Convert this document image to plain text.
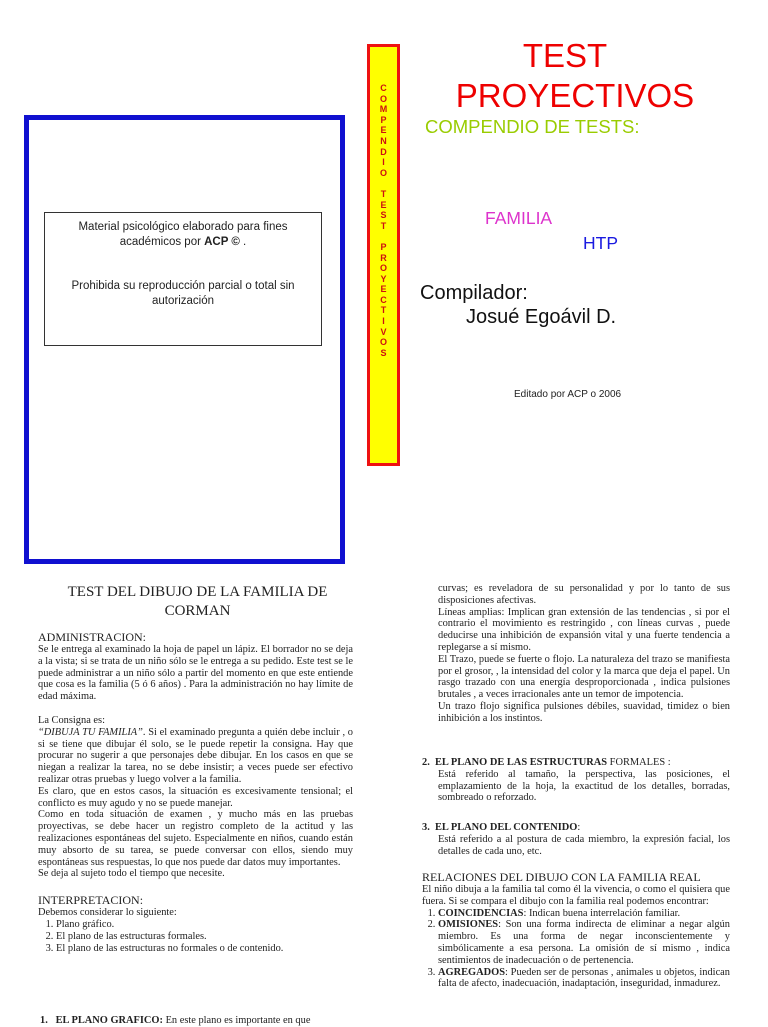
Material psicológico elaborado para fines
académicos por ACP © .
Prohibida su reproducción parcial o total sin autorización
C
O
M
P
E
N
D
I
O

T
E
S
T

P
R
O
Y
E
C
T
I
V
O
S
TEST
PROYECTIVOS
COMPENDIO DE TESTS:
FAMILIA
HTP
Compilador:
Josué Egoávil D.
Editado por ACP o 2006
TEST DEL DIBUJO DE LA FAMILIA DE CORMAN
ADMINISTRACION:
Se le entrega al examinado la hoja de papel un lápiz. El borrador no se deja a la vista; si se trata de un niño sólo se le entrega a su pedido. Este test se le puede administrar a un niño sólo a partir del momento en que este entiende que cosa es la familia (5 ó 6 años) . Para la administración no hay límite de edad máxima.
La Consigna es:
“DIBUJA TU FAMILIA”. Si el examinado pregunta a quién debe incluir , o si se tiene que dibujar él solo, se le puede repetir la consigna. Hay que procurar no sugerir a que personajes debe dibujar. En los casos en que se niegan a realizar la tarea, no se debe insistir; a veces puede ser efectivo realizar otras pruebas y luego volver a la familia.
Es claro, que en estos casos, la situación es excesivamente tensional; el conflicto es muy agudo y no se puede manejar.
Como en toda situación de examen , y mucho más en las pruebas proyectivas, se debe hacer un registro completo de la actitud y las realizaciones espontáneas del sujeto. Especialmente en niños, cuando están muy absorto de su tarea, se puede conversar con ellos, siendo muy espontáneas sus respuestas, lo que nos puede dar datos muy importantes.
Se deja al sujeto todo el tiempo que necesite.
INTERPRETACION:
Debemos considerar lo siguiente:
1. Plano gráfico.
2. El plano de las estructuras formales.
3. El plano de las estructuras no formales o de contenido.
1. EL PLANO GRAFICO: En este plano es importante en que
curvas; es reveladora de su personalidad y por lo tanto de sus disposiciones afectivas.
Líneas amplias: Implican gran extensión de las tendencias , si por el contrario el movimiento es restringido , con líneas curvas , puede deducirse una inhibición de expansión vital y una fuerte tendencia a replegarse a sí mismo.
El Trazo, puede se fuerte o flojo. La naturaleza del trazo se manifiesta por el grosor, , la intensidad del color y la marca que deja el papel. Un rasgo trazado con una energía desproporcionada , indica pulsiones brutales , a veces irracionales ante un temor de impotencia.
Un trazo flojo significa pulsiones débiles, suavidad, timidez o bien inhibición a los instintos.
2. EL PLANO DE LAS ESTRUCTURAS FORMALES :
Está referido al tamaño, la perspectiva, las posiciones, el emplazamiento de la hoja, la exactitud de los detalles, borradas, sombreado o reforzado.
3. EL PLANO DEL CONTENIDO:
Está referido a al postura de cada miembro, la expresión facial, los detalles de cada uno, etc.
RELACIONES DEL DIBUJO CON LA FAMILIA REAL
El niño dibuja a la familia tal como él la vivencia, o como el quisiera que fuera. Si se compara el dibujo con la familia real podemos encontrar:
1. COINCIDENCIAS: Indican buena interrelación familiar.
2. OMISIONES: Son una forma indirecta de eliminar a negar algún miembro. Es una forma de negar inconscientemente y simbólicamente a esa persona. La omisión de sí mismo , indica sentimientos de inadecuación o de pertenencia.
3. AGREGADOS: Pueden ser de personas , animales u objetos, indican falta de afecto, inadecuación, inadaptación, inseguridad, inmadurez.
